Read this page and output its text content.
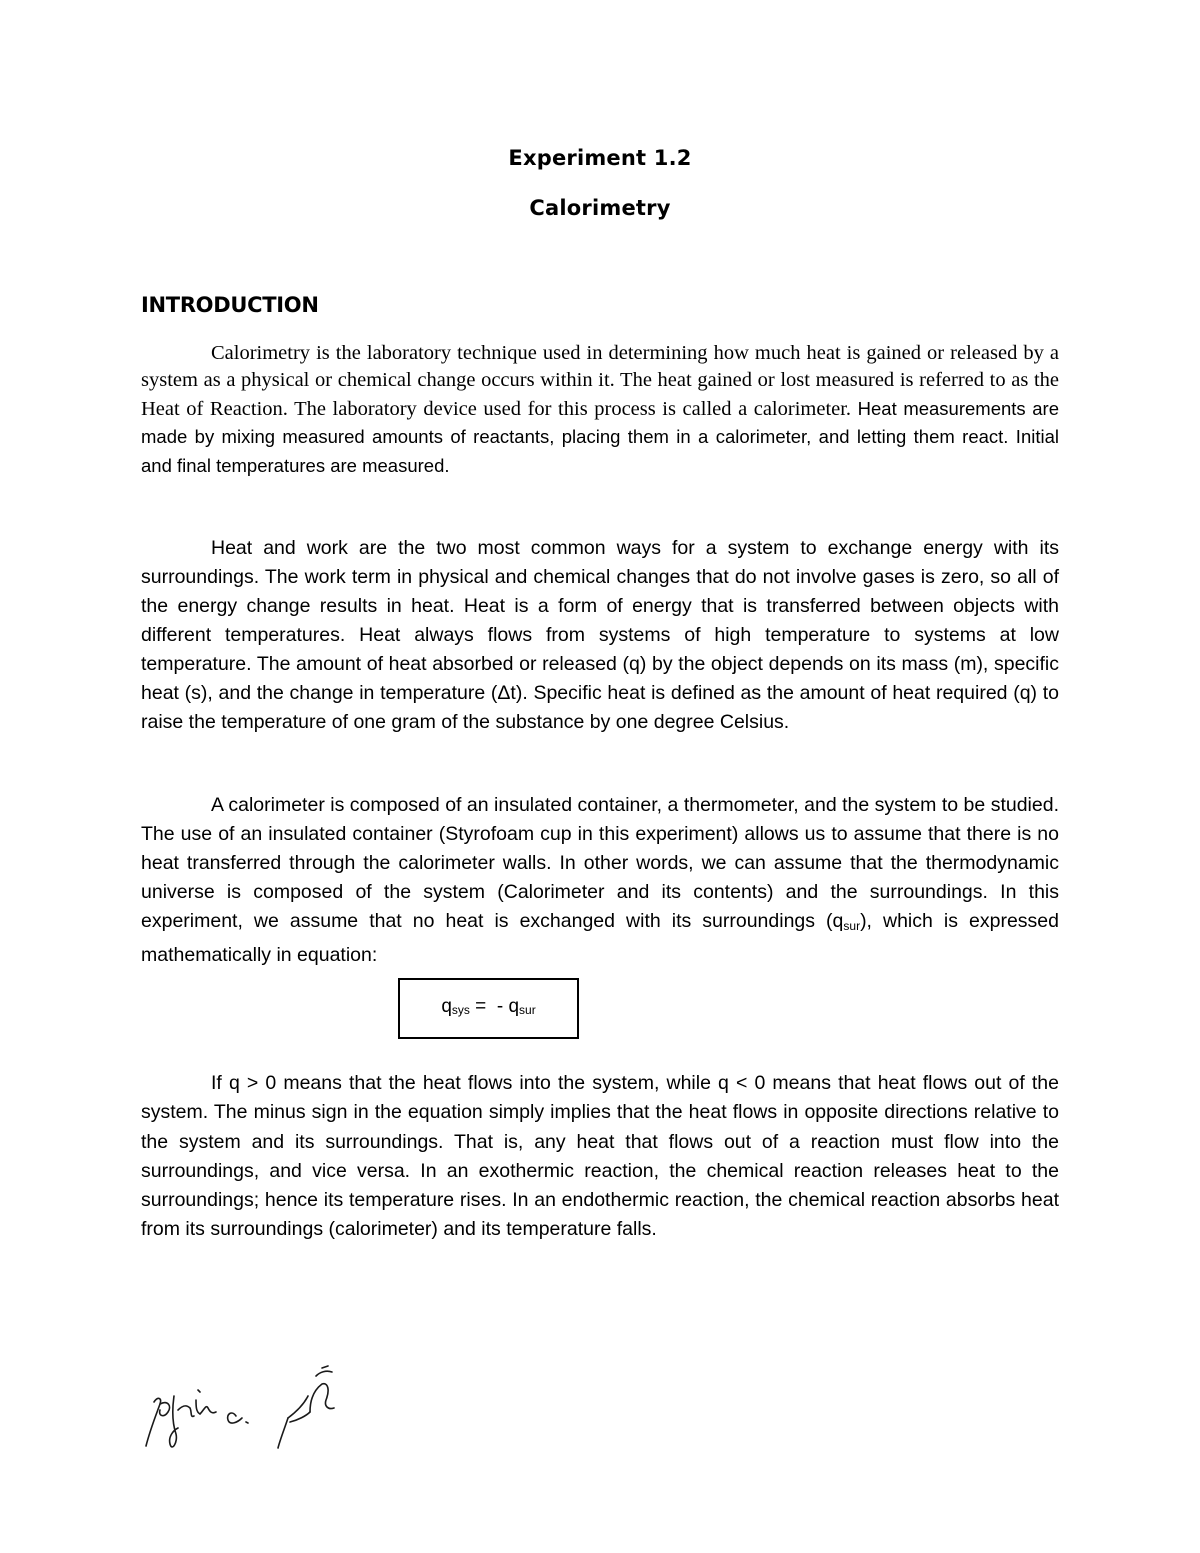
Experiment 1.2
Calorimetry
INTRODUCTION

Calorimetry is the laboratory technique used in determining how much heat is gained or released by a system as a physical or chemical change occurs within it. The heat gained or lost measured is referred to as the Heat of Reaction. The laboratory device used for this process is called a calorimeter. Heat measurements are made by mixing measured amounts of reactants, placing them in a calorimeter, and letting them react. Initial and final temperatures are measured.

Heat and work are the two most common ways for a system to exchange energy with its surroundings. The work term in physical and chemical changes that do not involve gases is zero, so all of the energy change results in heat. Heat is a form of energy that is transferred between objects with different temperatures. Heat always flows from systems of high temperature to systems at low temperature. The amount of heat absorbed or released (q) by the object depends on its mass (m), specific heat (s), and the change in temperature (Δt). Specific heat is defined as the amount of heat required (q) to raise the temperature of one gram of the substance by one degree Celsius.

A calorimeter is composed of an insulated container, a thermometer, and the system to be studied. The use of an insulated container (Styrofoam cup in this experiment) allows us to assume that there is no heat transferred through the calorimeter walls. In other words, we can assume that the thermodynamic universe is composed of the system (Calorimeter and its contents) and the surroundings. In this experiment, we assume that no heat is exchanged with its surroundings $(q_{sur})$, which is expressed mathematically in equation:

$q_{sys}$ =  - $q_{sur}$

If q > 0 means that the heat flows into the system, while q < 0 means that heat flows out of the system. The minus sign in the equation simply implies that the heat flows in opposite directions relative to the system and its surroundings. That is, any heat that flows out of a reaction must flow into the surroundings, and vice versa. In an exothermic reaction, the chemical reaction releases heat to the surroundings; hence its temperature rises. In an endothermic reaction, the chemical reaction absorbs heat from its surroundings (calorimeter) and its temperature falls.
